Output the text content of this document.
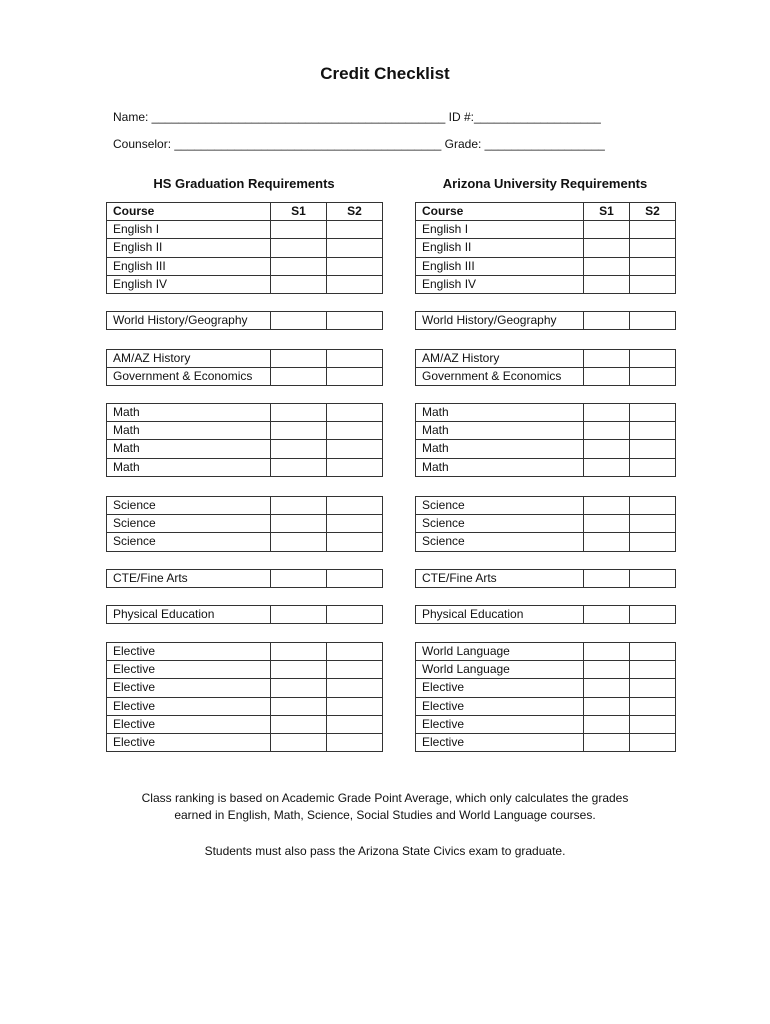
Credit Checklist
Name: ____________________________________________ ID #:___________________
Counselor: ________________________________________ Grade: __________________
HS Graduation Requirements
Course	S1	S2
English I		
English II		
English III		
English IV		
World History/Geography		
AM/AZ History		
Government & Economics		
Math		
Math		
Math		
Math		
Science		
Science		
Science		
CTE/Fine Arts		
Physical Education		
Elective		
Elective		
Elective		
Elective		
Elective		
Elective		
Arizona University Requirements
Course	S1	S2
English I		
English II		
English III		
English IV		
World History/Geography		
AM/AZ History		
Government & Economics		
Math		
Math		
Math		
Math		
Science		
Science		
Science		
CTE/Fine Arts		
Physical Education		
World Language		
World Language		
Elective		
Elective		
Elective		
Elective		
Class ranking is based on Academic Grade Point Average, which only calculates the grades
earned in English, Math, Science, Social Studies and World Language courses.
Students must also pass the Arizona State Civics exam to graduate.
